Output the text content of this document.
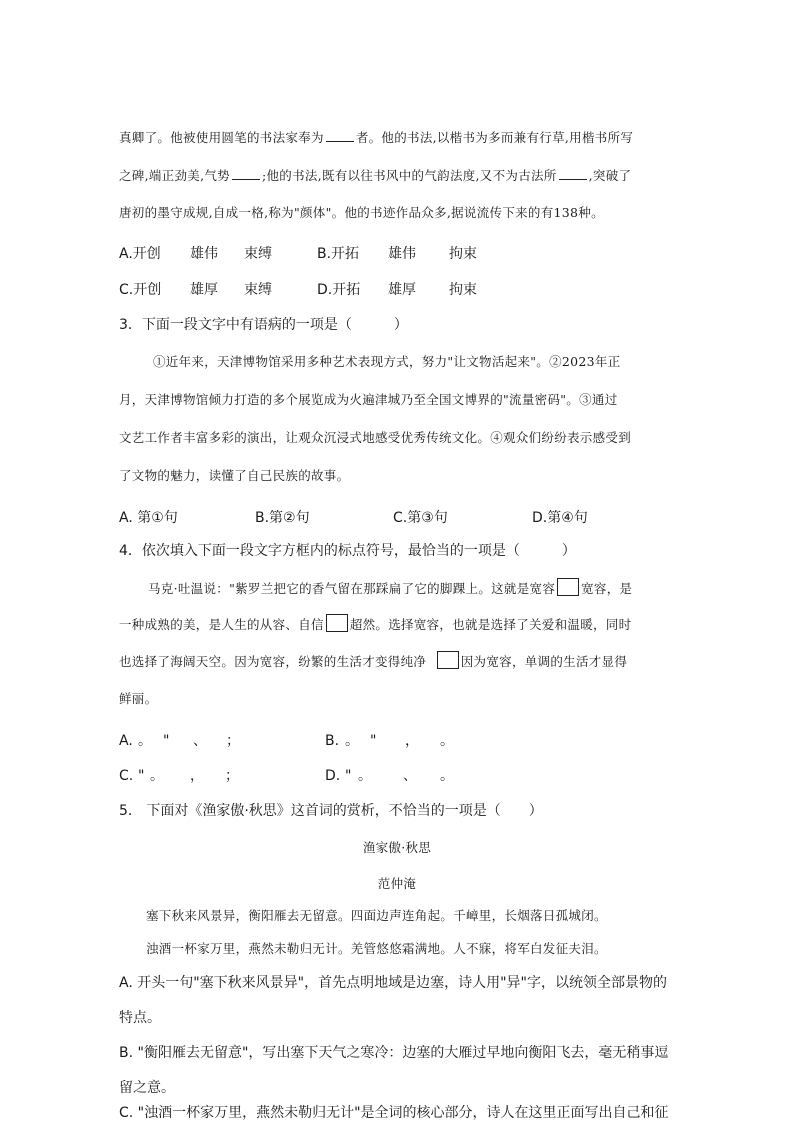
真卿了。他被使用圆笔的书法家奉为	者。他的书法,以楷书为多而兼有行草,用楷书所写
之碑,端正劲美,气势	;他的书法,既有以往书风中的气韵法度,又不为古法所	,突破了
唐初的墨守成规,自成一格,称为"颜体"。他的书迹作品众多,据说流传下来的有138种。
A.开创 雄伟 束缚	B.开拓 雄伟 拘束
C.开创 雄厚 束缚	D.开拓 雄厚 拘束
3．下面一段文字中有语病的一项是（　　　）
①近年来，天津博物馆采用多种艺术表现方式，努力"让文物活起来"。②2023年正
月，天津博物馆倾力打造的多个展览成为火遍津城乃至全国文博界的"流量密码"。③通过
文艺工作者丰富多彩的演出，让观众沉浸式地感受优秀传统文化。④观众们纷纷表示感受到
了文物的魅力，读懂了自己民族的故事。
A. 第①句	B.第②句	C.第③句	D.第④句
4．依次填入下面一段文字方框内的标点符号，最恰当的一项是（　　　）
马克·吐温说："紫罗兰把它的香气留在那踩扁了它的脚踝上。这就是宽容 宽容，是
一种成熟的美，是人生的从容、自信 超然。选择宽容，也就是选择了关爱和温暖，同时
也选择了海阔天空。因为宽容，纷繁的生活才变得纯净	因为宽容，单调的生活才显得
鲜丽。
A. 。 " 、 ；	B. 。 " ， 。
C. " 。 ， ；	D. " 。 、 。
5． 下面对《渔家傲·秋思》这首词的赏析，不恰当的一项是（　　）
渔家傲·秋思
范仲淹
塞下秋来风景异，衡阳雁去无留意。四面边声连角起。千嶂里，长烟落日孤城闭。
浊酒一杯家万里，燕然未勒归无计。羌管悠悠霜满地。人不寐，将军白发征夫泪。
A. 开头一句"塞下秋来风景异"，首先点明地域是边塞，诗人用"异"字，以统领全部景物的
特点。
B. "衡阳雁去无留意"，写出塞下天气之寒冷：边塞的大雁过早地向衡阳飞去，毫无稍事逗
留之意。
C. "浊酒一杯家万里，燕然未勒归无计"是全词的核心部分，诗人在这里正面写出自己和征
